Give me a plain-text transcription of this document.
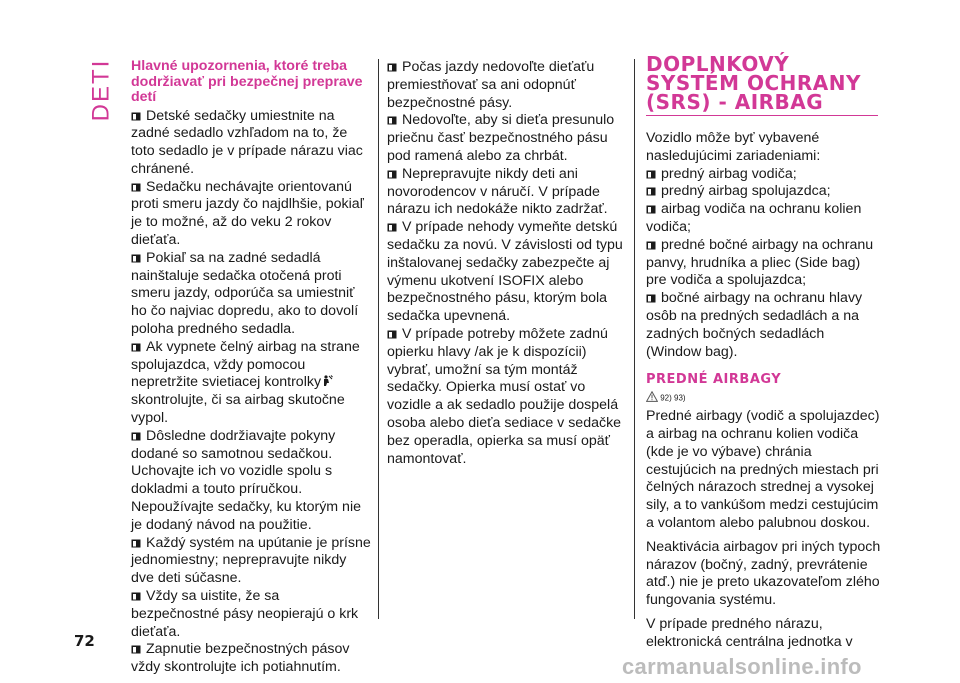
DETI Hlavné upozornenia, ktoré treba dodržiavať pri bezpečnej preprave detí

Detské sedačky umiestnite na zadné sedadlo vzhľadom na to, že toto sedadlo je v prípade nárazu viac chránené.

Sedačku nechávajte orientovanú proti smeru jazdy čo najdlhšie, pokiaľ je to možné, až do veku 2 rokov dieťaťa.

Pokiaľ sa na zadné sedadlá nainštaluje sedačka otočená proti smeru jazdy, odporúča sa umiestniť ho čo najviac dopredu, ako to dovolí poloha predného sedadla.

Ak vypnete čelný airbag na strane spolujazdca, vždy pomocou nepretržite svietiacej kontrolky skontrolujte, či sa airbag skutočne vypol.

Dôsledne dodržiavajte pokyny dodané so samotnou sedačkou. Uchovajte ich vo vozidle spolu s dokladmi a touto príručkou. Nepoužívajte sedačky, ku ktorým nie je dodaný návod na použitie.

Každý systém na upútanie je prísne jednomiestny; neprepravujte nikdy dve deti súčasne.

Vždy sa uistite, že sa bezpečnostné pásy neopierajú o krk dieťaťa.

Zapnutie bezpečnostných pásov vždy skontrolujte ich potiahnutím.

Počas jazdy nedovoľte dieťaťu premiestňovať sa ani odopnúť bezpečnostné pásy.

Nedovoľte, aby si dieťa presunulo priečnu časť bezpečnostného pásu pod ramená alebo za chrbát.

Neprepravujte nikdy deti ani novorodencov v náručí. V prípade nárazu ich nedokáže nikto zadržať.

V prípade nehody vymeňte detskú sedačku za novú. V závislosti od typu inštalovanej sedačky zabezpečte aj výmenu ukotvení ISOFIX alebo bezpečnostného pásu, ktorým bola sedačka upevnená.

V prípade potreby môžete zadnú opierku hlavy /ak je k dispozícii) vybrať, umožní sa tým montáž sedačky. Opierka musí ostať vo vozidle a ak sedadlo použije dospelá osoba alebo dieťa sediace v sedačke bez operadla, opierka sa musí opäť namontovať.

DOPLNKOVÝ SYSTÉM OCHRANY (SRS) - AIRBAG

Vozidlo môže byť vybavené nasledujúcimi zariadeniami:

predný airbag vodiča;

predný airbag spolujazdca;

airbag vodiča na ochranu kolien vodiča;

predné bočné airbagy na ochranu panvy, hrudníka a pliec (Side bag) pre vodiča a spolujazdca;

bočné airbagy na ochranu hlavy osôb na predných sedadlách a na zadných bočných sedadlách (Window bag).

PREDNÉ AIRBAGY
92) 93)

Predné airbagy (vodič a spolujazdec) a airbag na ochranu kolien vodiča (kde je vo výbave) chránia cestujúcich na predných miestach pri čelných nárazoch strednej a vysokej sily, a to vankúšom medzi cestujúcim a volantom alebo palubnou doskou.

Neaktivácia airbagov pri iných typoch nárazov (bočný, zadný, prevrátenie atď.) nie je preto ukazovateľom zlého fungovania systému.

V prípade predného nárazu, elektronická centrálna jednotka v

72
carmanualsonline.info
